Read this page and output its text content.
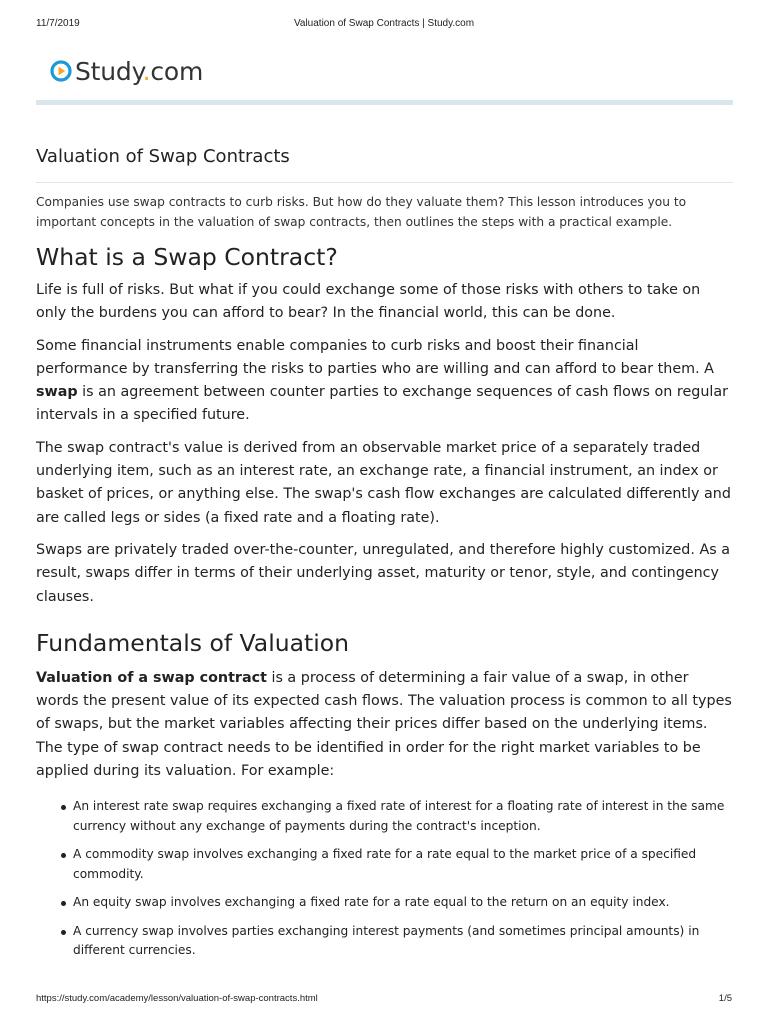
11/7/2019	Valuation of Swap Contracts | Study.com
Study.com
Valuation of Swap Contracts

Companies use swap contracts to curb risks. But how do they valuate them? This lesson introduces you to important concepts in the valuation of swap contracts, then outlines the steps with a practical example.

What is a Swap Contract?

Life is full of risks. But what if you could exchange some of those risks with others to take on only the burdens you can afford to bear? In the financial world, this can be done.

Some financial instruments enable companies to curb risks and boost their financial performance by transferring the risks to parties who are willing and can afford to bear them. A swap is an agreement between counter parties to exchange sequences of cash flows on regular intervals in a specified future.

The swap contract's value is derived from an observable market price of a separately traded underlying item, such as an interest rate, an exchange rate, a financial instrument, an index or basket of prices, or anything else. The swap's cash flow exchanges are calculated differently and are called legs or sides (a fixed rate and a floating rate).

Swaps are privately traded over-the-counter, unregulated, and therefore highly customized. As a result, swaps differ in terms of their underlying asset, maturity or tenor, style, and contingency clauses.

Fundamentals of Valuation

Valuation of a swap contract is a process of determining a fair value of a swap, in other words the present value of its expected cash flows. The valuation process is common to all types of swaps, but the market variables affecting their prices differ based on the underlying items. The type of swap contract needs to be identified in order for the right market variables to be applied during its valuation. For example:

An interest rate swap requires exchanging a fixed rate of interest for a floating rate of interest in the same currency without any exchange of payments during the contract's inception.
A commodity swap involves exchanging a fixed rate for a rate equal to the market price of a specified commodity.
An equity swap involves exchanging a fixed rate for a rate equal to the return on an equity index.
A currency swap involves parties exchanging interest payments (and sometimes principal amounts) in different currencies.
https://study.com/academy/lesson/valuation-of-swap-contracts.html	1/5
